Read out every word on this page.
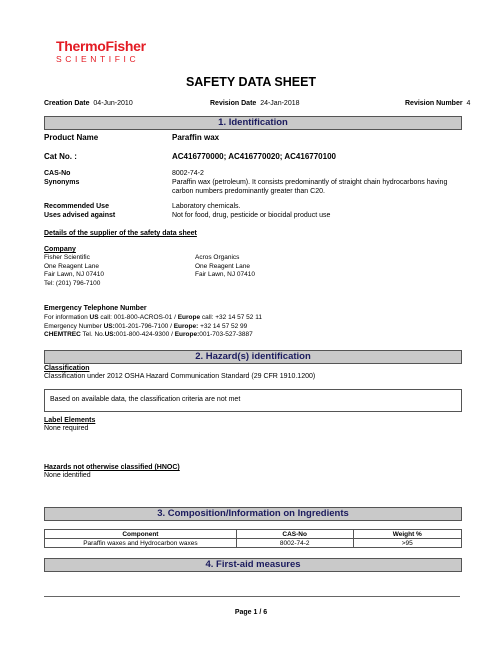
ThermoFisher
SCIENTIFIC
SAFETY DATA SHEET
Creation Date 04-Jun-2010	Revision Date 24-Jan-2018	Revision Number 4
1. Identification
Product Name	Paraffin wax
Cat No. :	AC416770000; AC416770020; AC416770100
CAS-No	8002-74-2
Synonyms	Paraffin wax (petroleum). It consists predominantly of straight chain hydrocarbons having
carbon numbers predominantly greater than C20.
Recommended Use	Laboratory chemicals.
Uses advised against	Not for food, drug, pesticide or biocidal product use
Details of the supplier of the safety data sheet
Company
Fisher Scientific
One Reagent Lane
Fair Lawn, NJ 07410
Tel: (201) 796-7100
Acros Organics
One Reagent Lane
Fair Lawn, NJ 07410
Emergency Telephone Number
For information US call: 001-800-ACROS-01 / Europe call: +32 14 57 52 11
Emergency Number US:001-201-796-7100 / Europe: +32 14 57 52 99
CHEMTREC Tel. No.US:001-800-424-9300 / Europe:001-703-527-3887
2. Hazard(s) identification
Classification
Classification under 2012 OSHA Hazard Communication Standard (29 CFR 1910.1200)
Based on available data, the classification criteria are not met
Label Elements
None required
Hazards not otherwise classified (HNOC)
None identified
3. Composition/Information on Ingredients
Component	CAS-No	Weight %
Paraffin waxes and Hydrocarbon waxes	8002-74-2	>95
4. First-aid measures
Page 1 / 6
